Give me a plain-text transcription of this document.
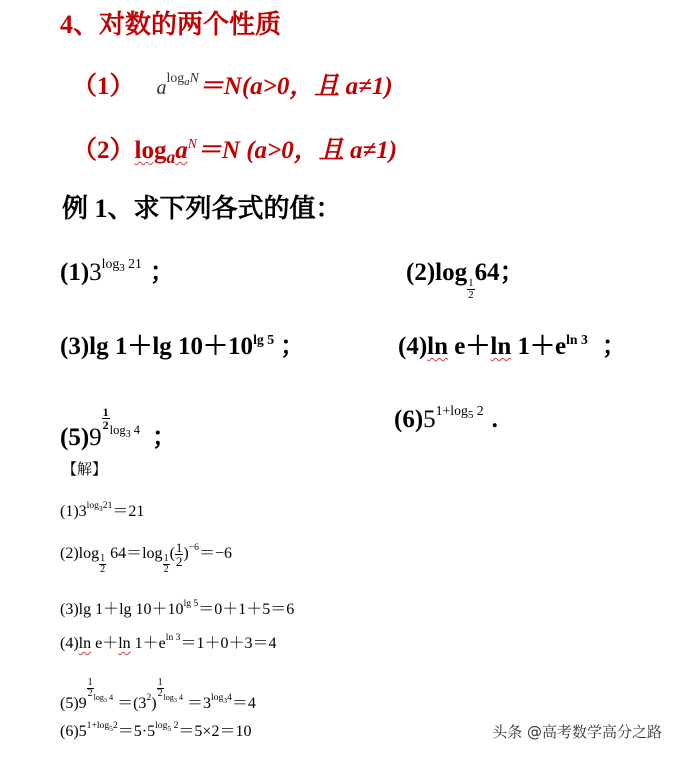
4、对数的两个性质
（1） $a^{log_aN}=N(a>0$，且 a≠1)
$(2)\log_aa^N=N$ (a>0，且 a≠1)
例 1、求下列各式的值：
$(1)3^{log_3 21}$ ；	(2)log
$\frac{1}{2}$
64；
(3)lg 1＋lg $10+10^{lg 5}$ ；	(4)ln e＋ln $1+e^{ln 3}$ ；
(5)9
$\frac{1}{2} ^{log_3 4}$ ；
$(6)5^{1+log_5 2}$ .
【解】
$(1)3^{log_321}=21$
(2)log
$\frac{1}{2}$
64＝log
$\frac{1}{2}$
( $\frac{1}{2} )^{-6}=-6$
(3)lg 1＋lg $10+10^{lg 5}=0+1+5=6$
(4)ln e＋ln $1+e^{ln 3}=1+0+3=4$
(5)9
$\frac{1}{2} ^{log_3 4} =(3^2)$
$\frac{1}{2} ^{log_3 4} =3^{log_34}=4$
$(6)5^{1+log_52}=5\cdot 5^{log_5 2}=5\times 2=10$	头条 @高考数学高分之路
